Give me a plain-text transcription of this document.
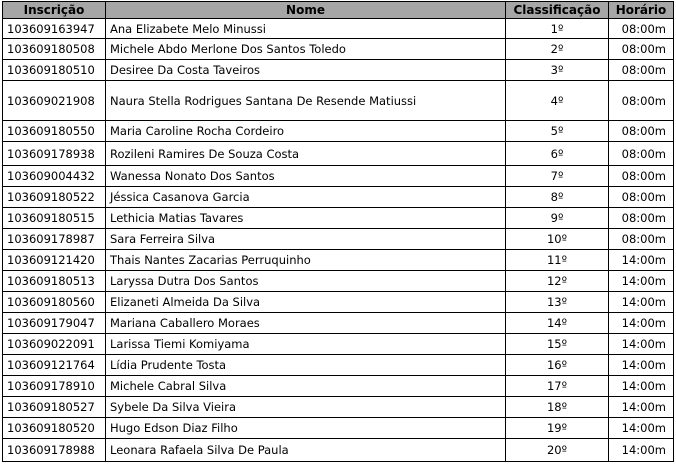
Inscrição	Nome	Classificação	Horário
103609163947	Ana Elizabete Melo Minussi	1º	08:00m
103609180508	Michele Abdo Merlone Dos Santos Toledo	2º	08:00m
103609180510	Desiree Da Costa Taveiros	3º	08:00m
103609021908	Naura Stella Rodrigues Santana De Resende Matiussi	4º	08:00m
103609180550	Maria Caroline Rocha Cordeiro	5º	08:00m
103609178938	Rozileni Ramires De Souza Costa	6º	08:00m
103609004432	Wanessa Nonato Dos Santos	7º	08:00m
103609180522	Jéssica Casanova Garcia	8º	08:00m
103609180515	Lethicia Matias Tavares	9º	08:00m
103609178987	Sara Ferreira Silva	10º	08:00m
103609121420	Thais Nantes Zacarias Perruquinho	11º	14:00m
103609180513	Laryssa Dutra Dos Santos	12º	14:00m
103609180560	Elizaneti Almeida Da Silva	13º	14:00m
103609179047	Mariana Caballero Moraes	14º	14:00m
103609022091	Larissa Tiemi Komiyama	15º	14:00m
103609121764	Lídia Prudente Tosta	16º	14:00m
103609178910	Michele Cabral Silva	17º	14:00m
103609180527	Sybele Da Silva Vieira	18º	14:00m
103609180520	Hugo Edson Diaz Filho	19º	14:00m
103609178988	Leonara Rafaela Silva De Paula	20º	14:00m
